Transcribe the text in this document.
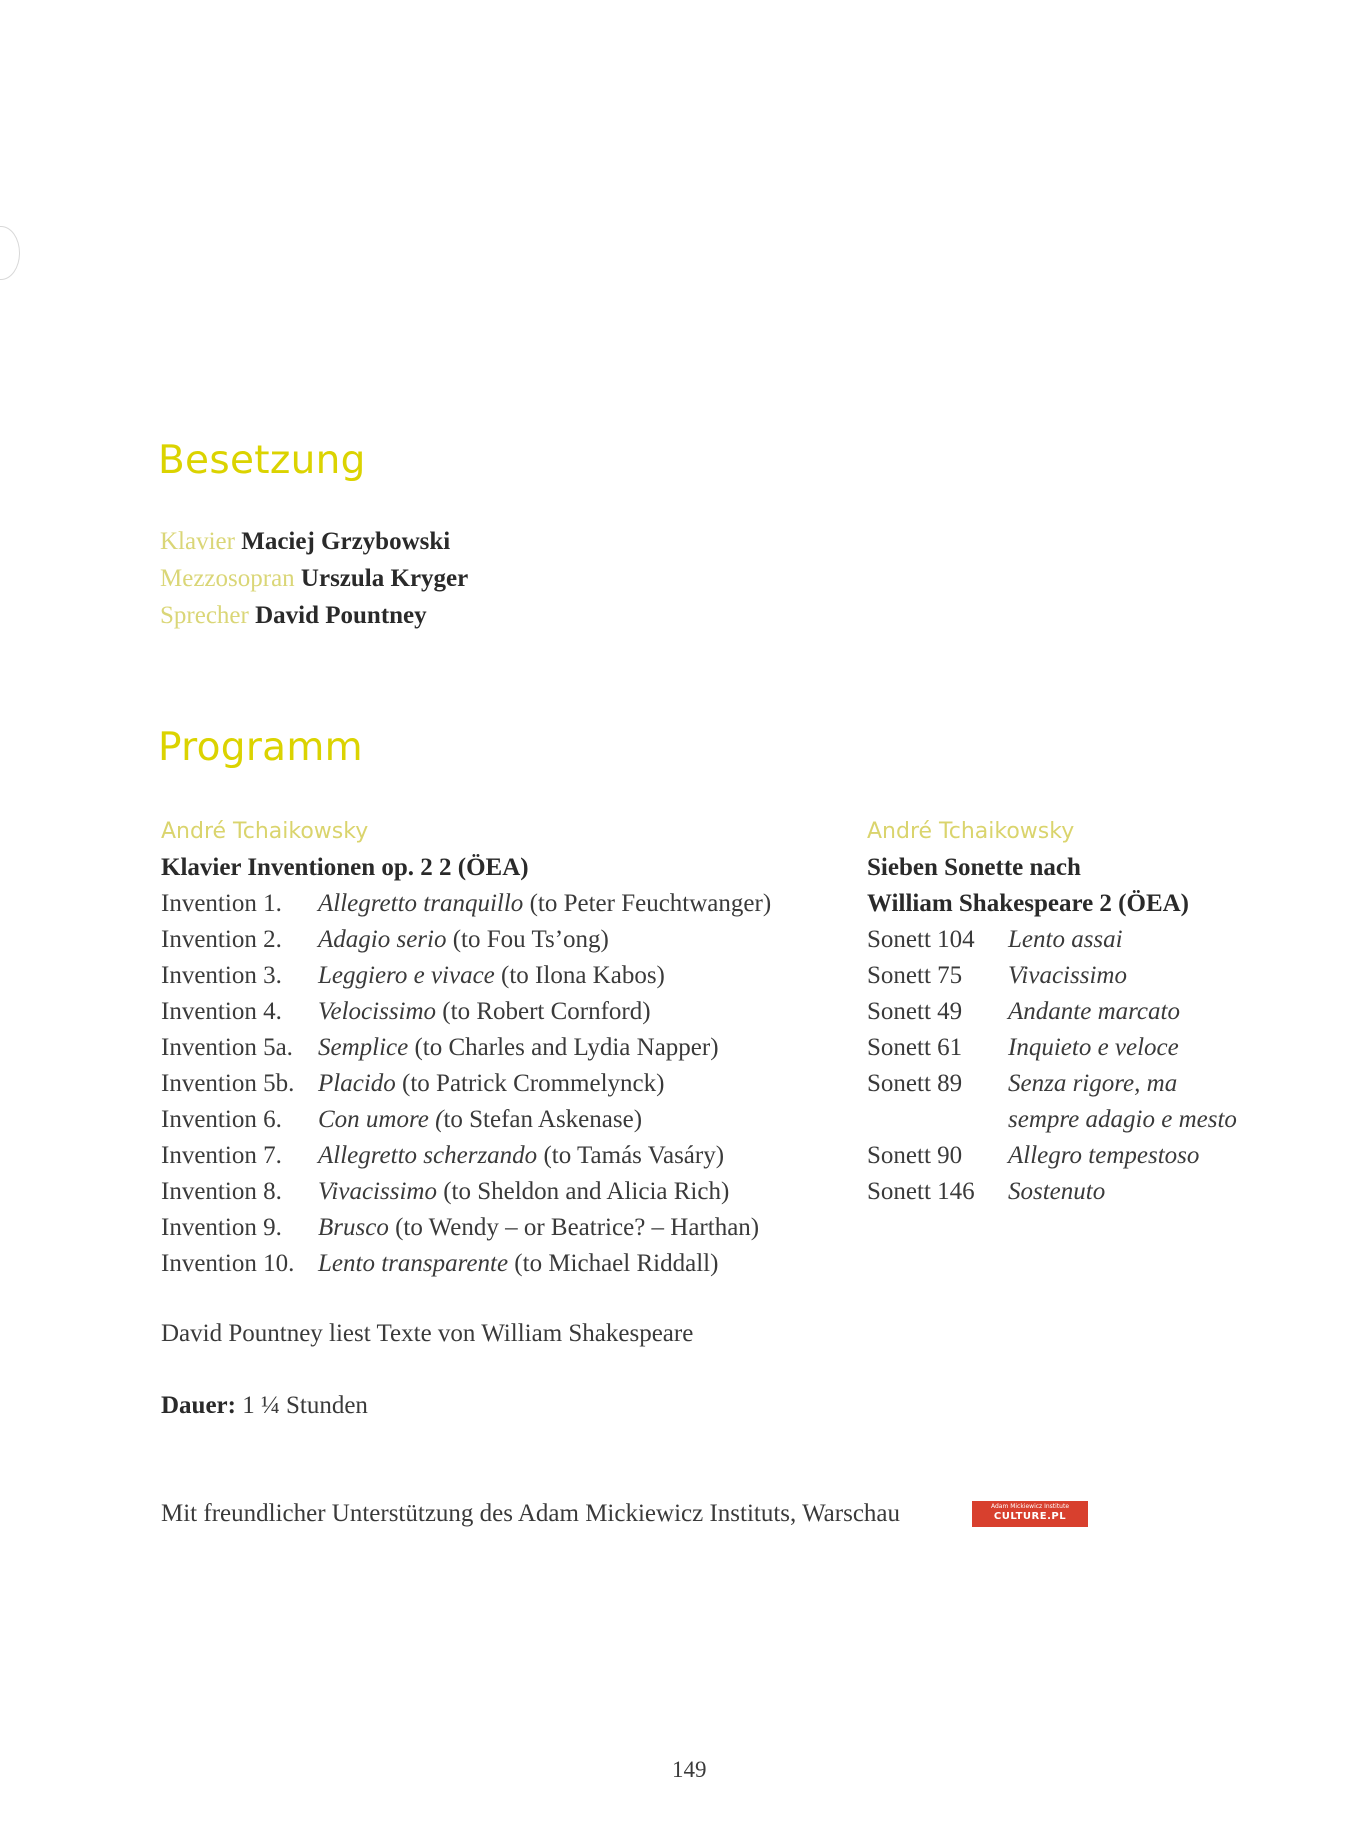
Besetzung
Klavier Maciej Grzybowski
Mezzosopran Urszula Kryger
Sprecher David Pountney
Programm
André Tchaikowsky
Klavier Inventionen op. 2 2 (ÖEA)
Invention 1.	Allegretto tranquillo (to Peter Feuchtwanger)
Invention 2.	Adagio serio (to Fou Ts’ong)
Invention 3.	Leggiero e vivace (to Ilona Kabos)
Invention 4.	Velocissimo (to Robert Cornford)
Invention 5a.	Semplice (to Charles and Lydia Napper)
Invention 5b. Placido (to Patrick Crommelynck)
Invention 6.	Con umore (to Stefan Askenase)
Invention 7.	Allegretto scherzando (to Tamás Vasáry)
Invention 8.	Vivacissimo (to Sheldon and Alicia Rich)
Invention 9.	Brusco (to Wendy – or Beatrice? – Harthan)
Invention 10. Lento transparente (to Michael Riddall)
André Tchaikowsky
Sieben Sonette nach
William Shakespeare 2 (ÖEA)
Sonett 104	Lento assai
Sonett 75	Vivacissimo
Sonett 49	Andante marcato
Sonett 61	Inquieto e veloce
Sonett 89	Senza rigore, ma
sempre adagio e mesto
Sonett 90	Allegro tempestoso
Sonett 146	Sostenuto
David Pountney liest Texte von William Shakespeare
Dauer: 1 ¼ Stunden
Mit freundlicher Unterstützung des Adam Mickiewicz Instituts, Warschau	Adam Mickiewicz Institute
CULTURE.PL
149
